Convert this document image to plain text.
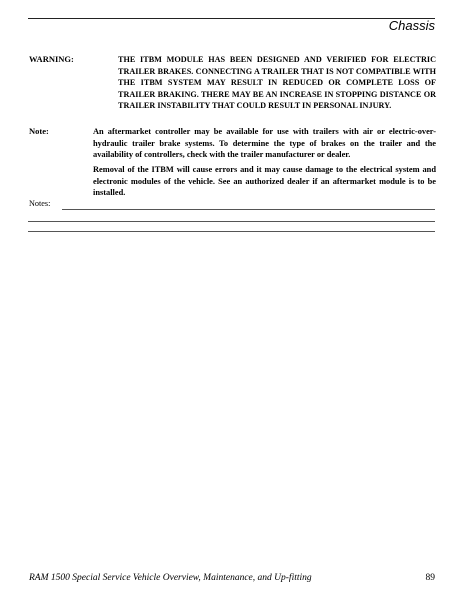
Chassis
WARNING:	THE ITBM MODULE HAS BEEN DESIGNED AND VERIFIED FOR ELECTRIC TRAILER BRAKES. CONNECTING A TRAILER THAT IS NOT COMPATIBLE WITH THE ITBM SYSTEM MAY RESULT IN REDUCED OR COMPLETE LOSS OF TRAILER BRAKING. THERE MAY BE AN INCREASE IN STOPPING DISTANCE OR TRAILER INSTABILITY THAT COULD RESULT IN PERSONAL INJURY.
Note:	An aftermarket controller may be available for use with trailers with air or electric-over-hydraulic trailer brake systems. To determine the type of brakes on the trailer and the availability of controllers, check with the trailer manufacturer or dealer.

Removal of the ITBM will cause errors and it may cause damage to the electrical system and electronic modules of the vehicle. See an authorized dealer if an aftermarket module is to be installed.

Notes:
RAM 1500 Special Service Vehicle Overview, Maintenance, and Up-fitting	89
